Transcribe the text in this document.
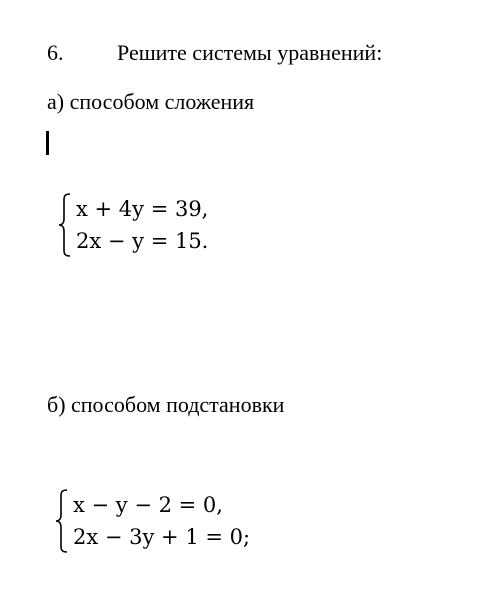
6. Решите системы уравнений:
а) способом сложения
x + 4y = 39,
2x − y = 15.
б) способом подстановки
x − y − 2 = 0,
2x − 3y + 1 = 0;
